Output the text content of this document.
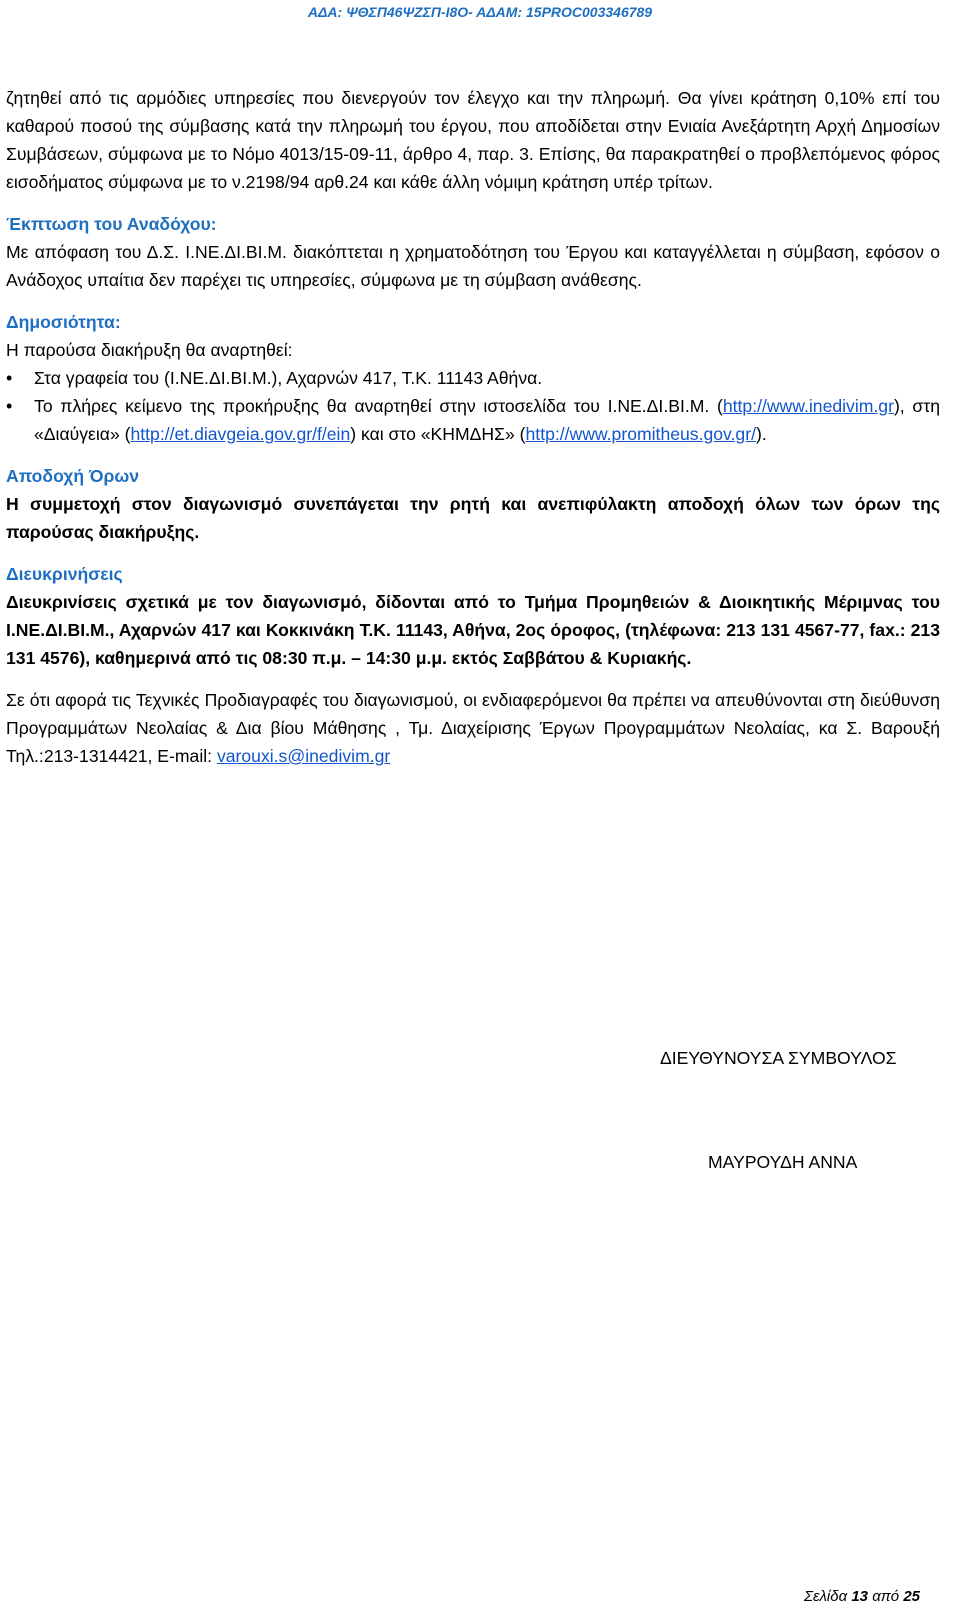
ΑΔΑ: ΨΘΣΠ46ΨΖΣΠ-Ι8Ο- ΑΔΑΜ: 15PROC003346789

ζητηθεί από τις αρμόδιες υπηρεσίες που διενεργούν τον έλεγχο και την πληρωμή. Θα γίνει κράτηση 0,10% επί του καθαρού ποσού της σύμβασης κατά την πληρωμή του έργου, που αποδίδεται στην Ενιαία Ανεξάρτητη Αρχή Δημοσίων Συμβάσεων, σύμφωνα με το Νόμο 4013/15-09-11, άρθρο 4, παρ. 3. Επίσης, θα παρακρατηθεί ο προβλεπόμενος φόρος εισοδήματος σύμφωνα με το ν.2198/94 αρθ.24 και κάθε άλλη νόμιμη κράτηση υπέρ τρίτων.

Έκπτωση του Αναδόχου:

Με απόφαση του Δ.Σ. Ι.ΝΕ.ΔΙ.ΒΙ.Μ. διακόπτεται η χρηματοδότηση του Έργου και καταγγέλλεται η σύμβαση, εφόσον ο Ανάδοχος υπαίτια δεν παρέχει τις υπηρεσίες, σύμφωνα με τη σύμβαση ανάθεσης.

Δημοσιότητα:

Η παρούσα διακήρυξη θα αναρτηθεί:

• Στα γραφεία του (Ι.ΝΕ.ΔΙ.ΒΙ.Μ.), Αχαρνών 417, Τ.Κ. 11143 Αθήνα.
• Το πλήρες κείμενο της προκήρυξης θα αναρτηθεί στην ιστοσελίδα του Ι.ΝΕ.ΔΙ.ΒΙ.Μ. (http://www.inedivim.gr), στη «Διαύγεια» (http://et.diavgeia.gov.gr/f/ein) και στο «ΚΗΜΔΗΣ» (http://www.promitheus.gov.gr/).

Αποδοχή Όρων

Η συμμετοχή στον διαγωνισμό συνεπάγεται την ρητή και ανεπιφύλακτη αποδοχή όλων των όρων της παρούσας διακήρυξης.

Διευκρινήσεις

Διευκρινίσεις σχετικά με τον διαγωνισμό, δίδονται από το Τμήμα Προμηθειών & Διοικητικής Μέριμνας του Ι.ΝΕ.ΔΙ.ΒΙ.Μ., Αχαρνών 417 και Κοκκινάκη Τ.Κ. 11143, Αθήνα, 2ος όροφος, (τηλέφωνα: 213 131 4567-77, fax.: 213 131 4576), καθημερινά από τις 08:30 π.μ. – 14:30 μ.μ. εκτός Σαββάτου & Κυριακής.

Σε ότι αφορά τις Τεχνικές Προδιαγραφές του διαγωνισμού, οι ενδιαφερόμενοι θα πρέπει να απευθύνονται στη διεύθυνση Προγραμμάτων Νεολαίας & Δια βίου Μάθησης , Τμ. Διαχείρισης Έργων Προγραμμάτων Νεολαίας, κα Σ. Βαρουξή Τηλ.:213-1314421, E-mail: varouxi.s@inedivim.gr

ΔΙΕΥΘΥΝΟΥΣΑ ΣΥΜΒΟΥΛΟΣ
ΜΑΥΡΟΥΔΗ ΑΝΝΑ
Σελίδα 13 από 25
